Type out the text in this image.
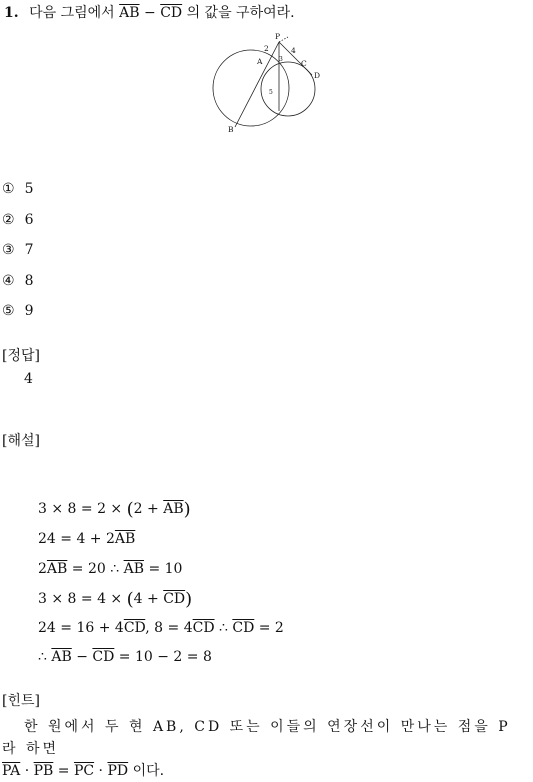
1. 다음 그림에서 $\overline{AB} - \overline{CD}$ 의 값을 구하여라.
P
A
B
C
D
2	4
3
5
① 5
② 6
③ 7
④ 8
⑤ 9
[정답]
4
[해설]
$3 \times 8 = 2 \times (2 + \overline{AB})$
$24 = 4 + 2\overline{AB}$
$2\overline{AB} = 20$ ∴ $\overline{AB} = 10$
$3 \times 8 = 4 \times (4 + \overline{CD})$
$24 = 16 + 4\overline{CD}$, $8 = 4\overline{CD}$ ∴ $\overline{CD} = 2$
∴ $\overline{AB} - \overline{CD} = 10 - 2 = 8$
[힌트]
한 원에서 두 현 AB, CD 또는 이들의 연장선이 만나는 점을 P 라 하면
$\overline{PA} \cdot \overline{PB} = \overline{PC} \cdot \overline{PD}$ 이다.
